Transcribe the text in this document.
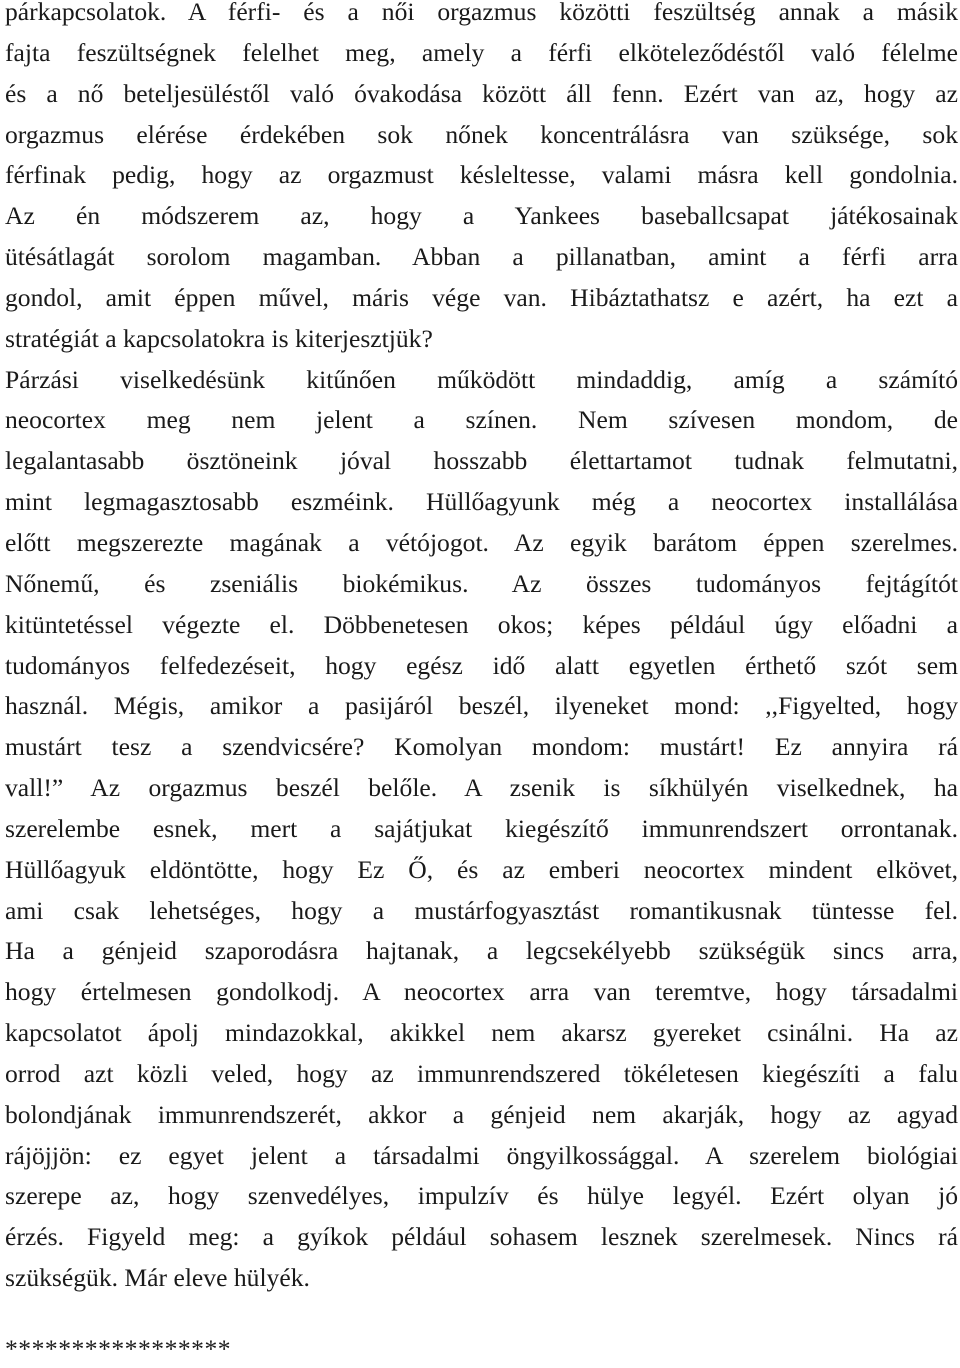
párkapcsolatok. A férfi- és a női orgazmus közötti feszültség annak a másik
fajta feszültségnek felelhet meg, amely a férfi elköteleződéstől való félelme
és a nő beteljesüléstől való óvakodása között áll fenn. Ezért van az, hogy az
orgazmus elérése érdekében sok nőnek koncentrálásra van szüksége, sok
férfinak pedig, hogy az orgazmust késleltesse, valami másra kell gondolnia.
Az én módszerem az, hogy a Yankees baseballcsapat játékosainak
ütésátlagát sorolom magamban. Abban a pillanatban, amint a férfi arra
gondol, amit éppen művel, máris vége van. Hibáztathatsz e azért, ha ezt a
stratégiát a kapcsolatokra is kiterjesztjük?
Párzási viselkedésünk kitűnően működött mindaddig, amíg a számító
neocortex meg nem jelent a színen. Nem szívesen mondom, de
legalantasabb ösztöneink jóval hosszabb élettartamot tudnak felmutatni,
mint legmagasztosabb eszméink. Hüllőagyunk még a neocortex installálása
előtt megszerezte magának a vétójogot. Az egyik barátom éppen szerelmes.
Nőnemű, és zseniális biokémikus. Az összes tudományos fejtágítót
kitüntetéssel végezte el. Döbbenetesen okos; képes például úgy előadni a
tudományos felfedezéseit, hogy egész idő alatt egyetlen érthető szót sem
használ. Mégis, amikor a pasijáról beszél, ilyeneket mond: ,,Figyelted, hogy
mustárt tesz a szendvicsére? Komolyan mondom: mustárt! Ez annyira rá
vall!” Az orgazmus beszél belőle. A zsenik is síkhülyén viselkednek, ha
szerelembe esnek, mert a sajátjukat kiegészítő immunrendszert orrontanak.
Hüllőagyuk eldöntötte, hogy Ez Ő, és az emberi neocortex mindent elkövet,
ami csak lehetséges, hogy a mustárfogyasztást romantikusnak tüntesse fel.
Ha a génjeid szaporodásra hajtanak, a legcsekélyebb szükségük sincs arra,
hogy értelmesen gondolkodj. A neocortex arra van teremtve, hogy társadalmi
kapcsolatot ápolj mindazokkal, akikkel nem akarsz gyereket csinálni. Ha az
orrod azt közli veled, hogy az immunrendszered tökéletesen kiegészíti a falu
bolondjának immunrendszerét, akkor a génjeid nem akarják, hogy az agyad
rájöjjön: ez egyet jelent a társadalmi öngyilkossággal. A szerelem biológiai
szerepe az, hogy szenvedélyes, impulzív és hülye legyél. Ezért olyan jó
érzés. Figyeld meg: a gyíkok például sohasem lesznek szerelmesek. Nincs rá
szükségük. Már eleve hülyék.
*****************
